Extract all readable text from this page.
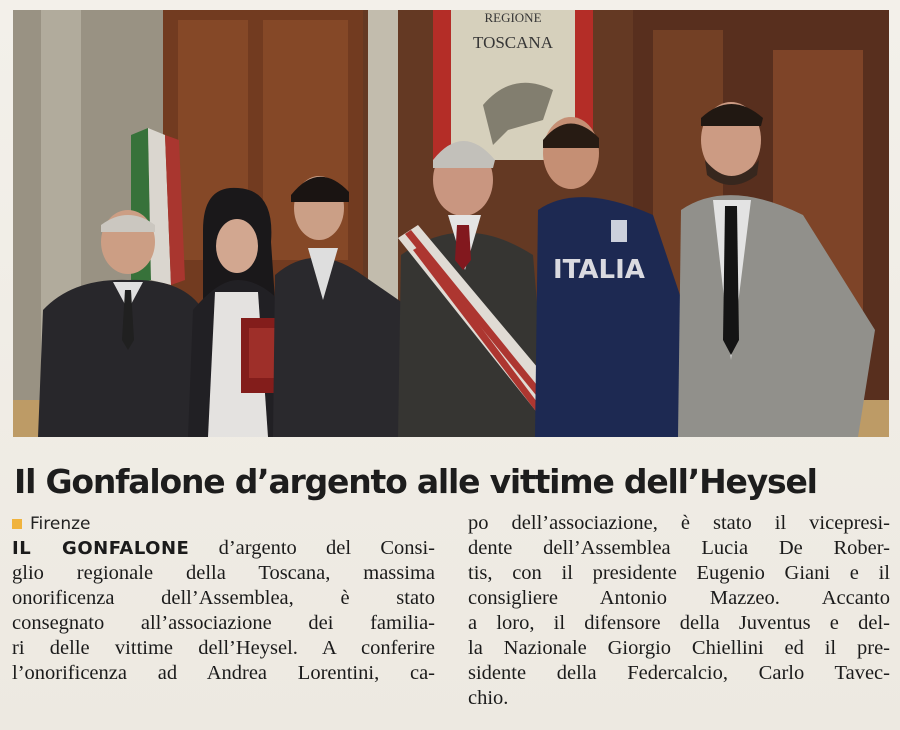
REGIONE
TOSCANA
ITALIA
Il Gonfalone d’argento alle vittime dell’Heysel
Firenze
IL GONFALONE d’argento del Consi-
glio regionale della Toscana, massima
onorificenza dell’Assemblea, è stato
consegnato all’associazione dei familia-
ri delle vittime dell’Heysel. A conferire
l’onorificenza ad Andrea Lorentini, ca-
po dell’associazione, è stato il vicepresi-
dente dell’Assemblea Lucia De Rober-
tis, con il presidente Eugenio Giani e il
consigliere Antonio Mazzeo. Accanto
a loro, il difensore della Juventus e del-
la Nazionale Giorgio Chiellini ed il pre-
sidente della Federcalcio, Carlo Tavec-
chio.
